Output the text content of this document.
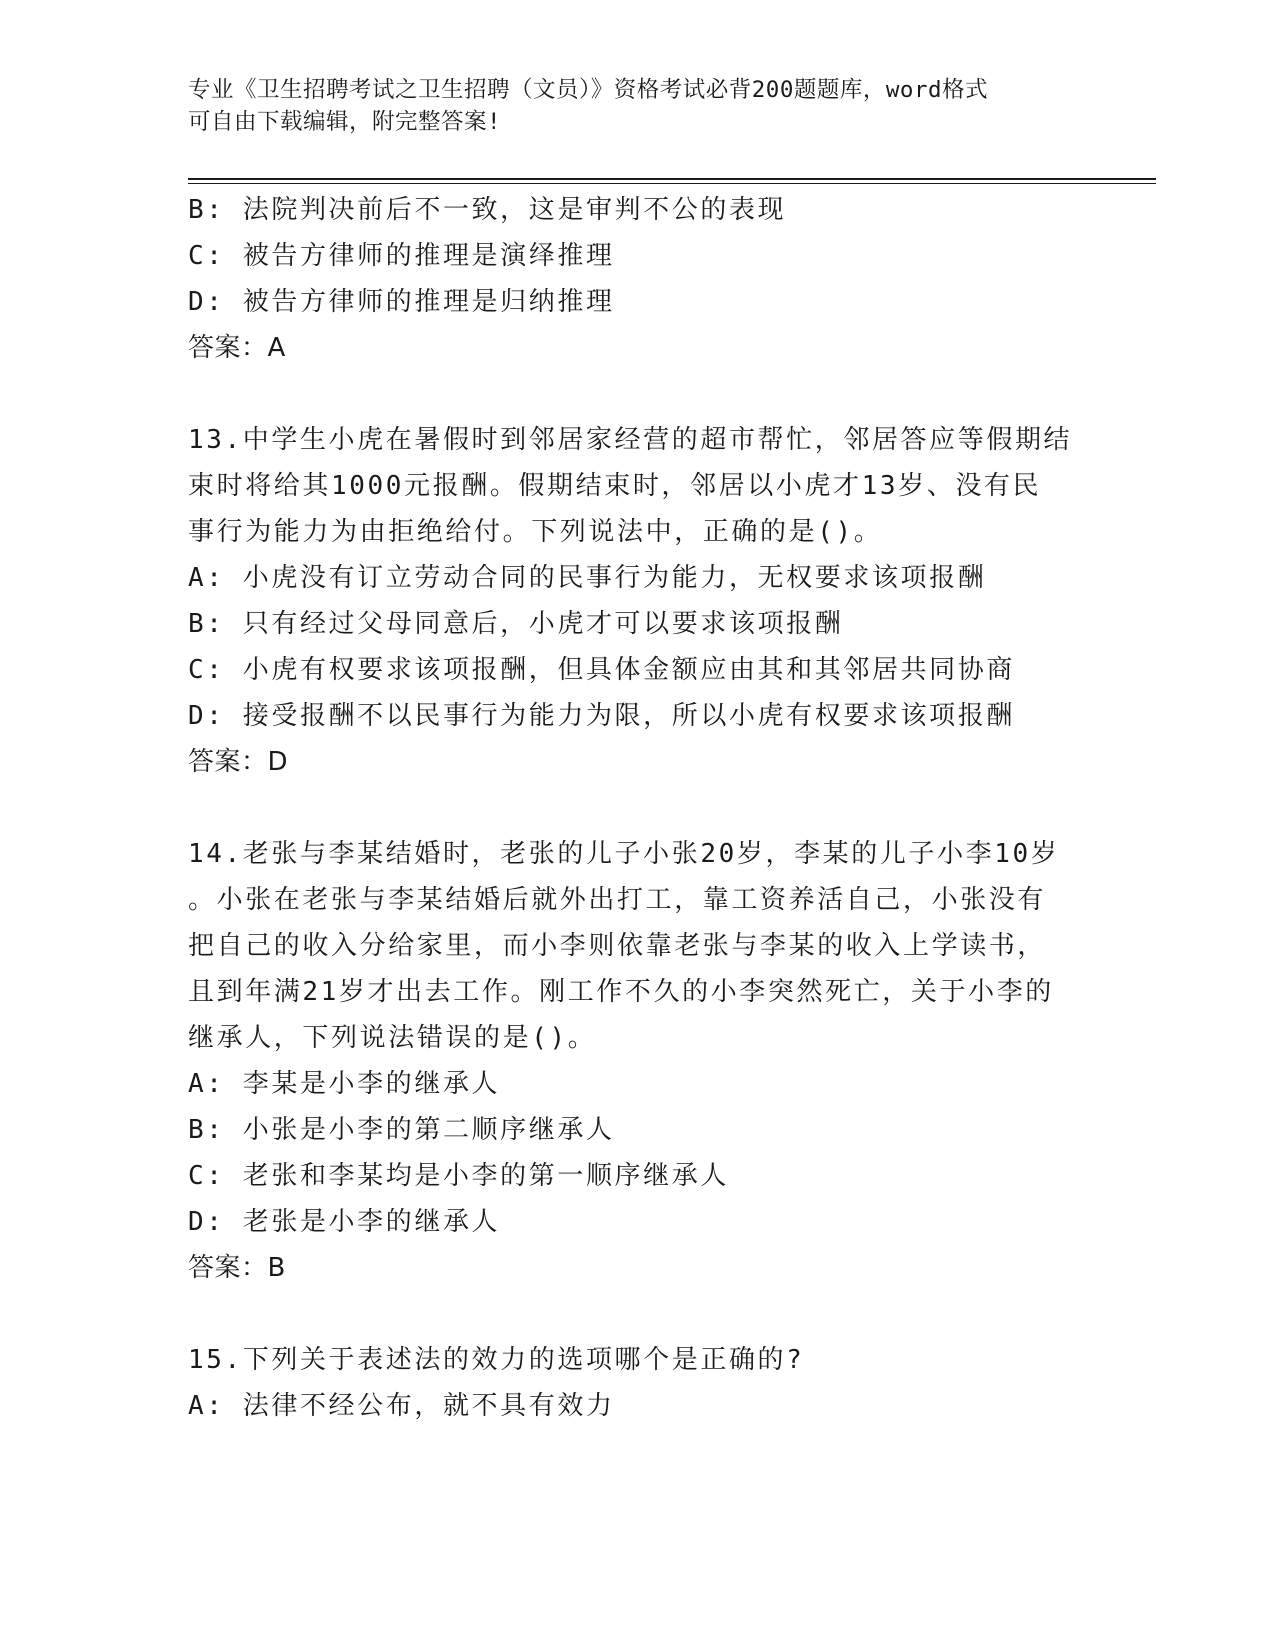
专业《卫生招聘考试之卫生招聘（文员）》资格考试必背200题题库，word格式
可自由下载编辑，附完整答案!
B: 法院判决前后不一致，这是审判不公的表现
C: 被告方律师的推理是演绎推理
D: 被告方律师的推理是归纳推理
答案：A
13.中学生小虎在暑假时到邻居家经营的超市帮忙，邻居答应等假期结
束时将给其1000元报酬。假期结束时，邻居以小虎才13岁、没有民
事行为能力为由拒绝给付。下列说法中，正确的是()。
A: 小虎没有订立劳动合同的民事行为能力，无权要求该项报酬
B: 只有经过父母同意后，小虎才可以要求该项报酬
C: 小虎有权要求该项报酬，但具体金额应由其和其邻居共同协商
D: 接受报酬不以民事行为能力为限，所以小虎有权要求该项报酬
答案：D
14.老张与李某结婚时，老张的儿子小张20岁，李某的儿子小李10岁
。小张在老张与李某结婚后就外出打工，靠工资养活自己，小张没有
把自己的收入分给家里，而小李则依靠老张与李某的收入上学读书，
且到年满21岁才出去工作。刚工作不久的小李突然死亡，关于小李的
继承人，下列说法错误的是()。
A: 李某是小李的继承人
B: 小张是小李的第二顺序继承人
C: 老张和李某均是小李的第一顺序继承人
D: 老张是小李的继承人
答案：B
15.下列关于表述法的效力的选项哪个是正确的?
A: 法律不经公布，就不具有效力
